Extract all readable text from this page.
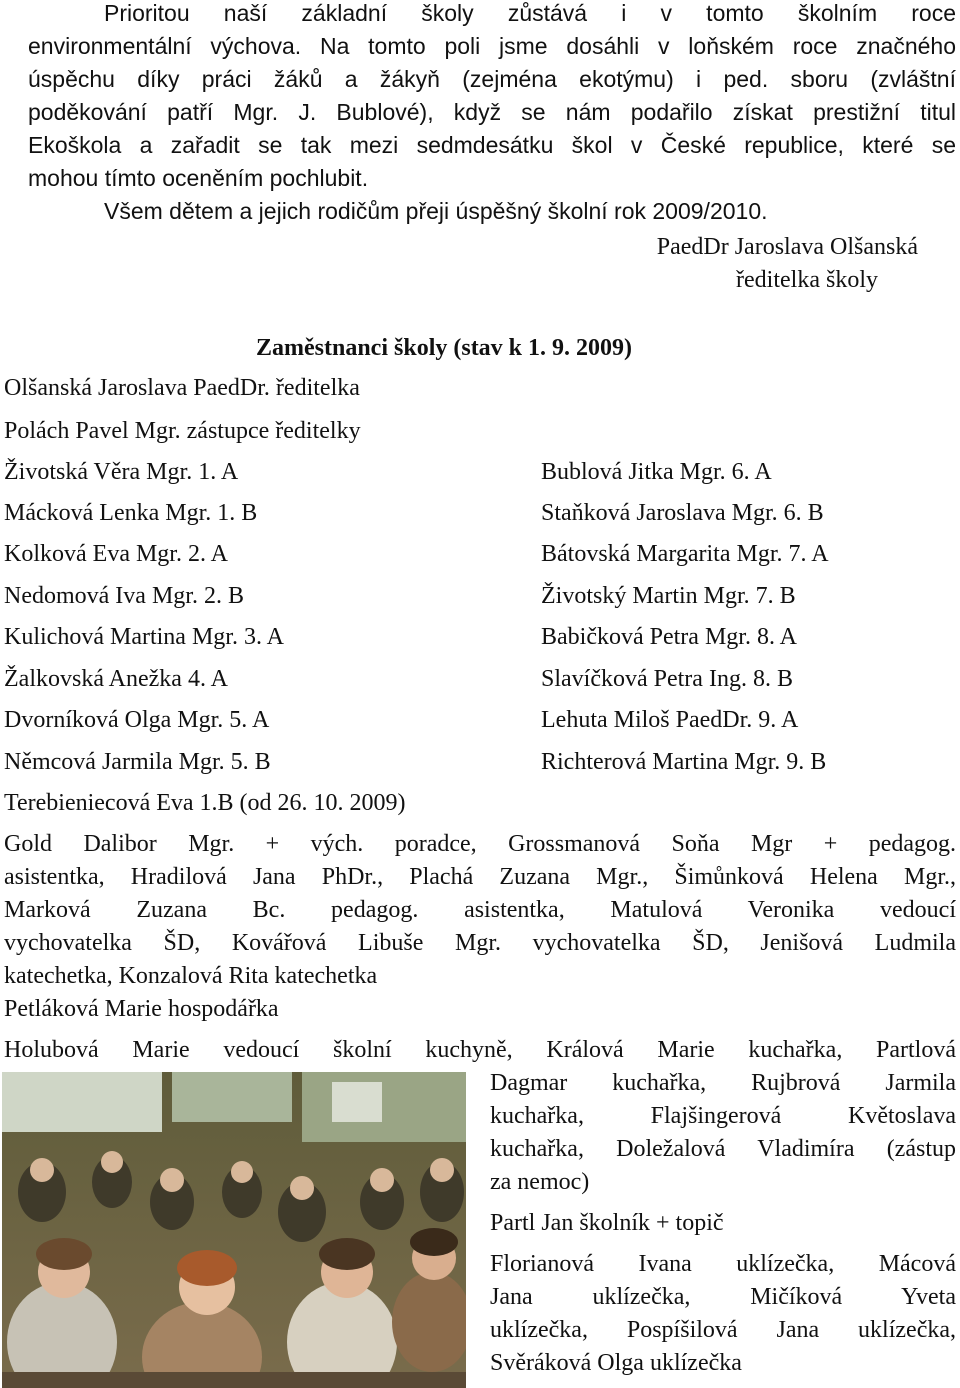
Prioritou naší základní školy zůstává i v tomto školním roce
environmentální výchova. Na tomto poli jsme dosáhli v loňském roce značného
úspěchu díky práci žáků a žákyň (zejména ekotýmu) i ped. sboru (zvláštní
poděkování patří Mgr. J. Bublové), když se nám podařilo získat prestižní titul
Ekoškola a zařadit se tak mezi sedmdesátku škol v České republice, které se
mohou tímto oceněním pochlubit.
Všem dětem a jejich rodičům přeji úspěšný školní rok 2009/2010.
PaedDr Jaroslava Olšanská
ředitelka školy
Zaměstnanci školy (stav k 1. 9. 2009)
Olšanská Jaroslava PaedDr. ředitelka
Polách Pavel Mgr. zástupce ředitelky
Životská Věra Mgr. 1. A
Mácková Lenka Mgr. 1. B
Kolková Eva Mgr. 2. A
Nedomová Iva Mgr. 2. B
Kulichová Martina Mgr. 3. A
Žalkovská Anežka 4. A
Dvorníková Olga Mgr. 5. A
Němcová Jarmila Mgr. 5. B
Bublová Jitka Mgr. 6. A
Staňková Jaroslava Mgr. 6. B
Bátovská Margarita Mgr. 7. A
Životský Martin Mgr. 7. B
Babičková Petra Mgr. 8. A
Slavíčková Petra Ing. 8. B
Lehuta Miloš PaedDr. 9. A
Richterová Martina Mgr. 9. B
Terebieniecová Eva 1.B (od 26. 10. 2009)
Gold Dalibor Mgr. + vých. poradce, Grossmanová Soňa Mgr + pedagog.
asistentka, Hradilová Jana PhDr., Plachá Zuzana Mgr., Šimůnková Helena Mgr.,
Marková Zuzana Bc. pedagog. asistentka, Matulová Veronika vedoucí
vychovatelka ŠD, Kovářová Libuše Mgr. vychovatelka ŠD, Jenišová Ludmila
katechetka, Konzalová Rita katechetka
Petláková Marie hospodářka
Holubová Marie vedoucí školní kuchyně, Králová Marie kuchařka, Partlová
Dagmar kuchařka, Rujbrová Jarmila
kuchařka, Flajšingerová Květoslava
kuchařka, Doležalová Vladimíra (zástup
za nemoc)
Partl Jan školník + topič
Florianová Ivana uklízečka, Mácová
Jana uklízečka, Mičíková Yveta
uklízečka, Pospíšilová Jana uklízečka,
Svěráková Olga uklízečka
